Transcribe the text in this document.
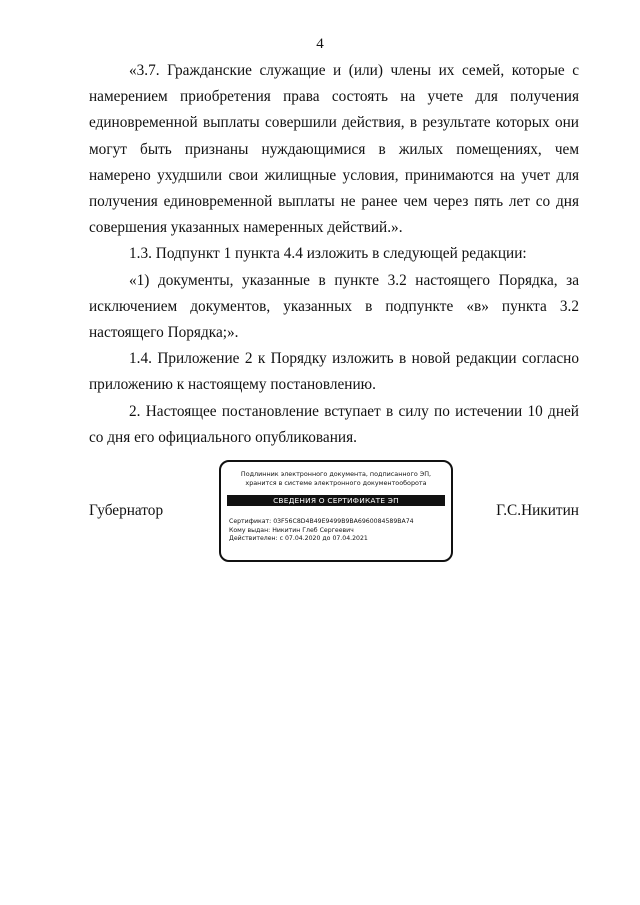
4

«3.7. Гражданские служащие и (или) члены их семей, которые с намерением приобретения права состоять на учете для получения единовременной выплаты совершили действия, в результате которых они могут быть признаны нуждающимися в жилых помещениях, чем намерено ухудшили свои жилищные условия, принимаются на учет для получения единовременной выплаты не ранее чем через пять лет со дня совершения указанных намеренных действий.».

1.3. Подпункт 1 пункта 4.4 изложить в следующей редакции:

«1) документы, указанные в пункте 3.2 настоящего Порядка, за исключением документов, указанных в подпункте «в» пункта 3.2 настоящего Порядка;».

1.4. Приложение 2 к Порядку изложить в новой редакции согласно приложению к настоящему постановлению.

2. Настоящее постановление вступает в силу по истечении 10 дней со дня его официального опубликования.

Губернатор
Подлинник электронного документа, подписанного ЭП,
хранится в системе электронного документооборота
СВЕДЕНИЯ О СЕРТИФИКАТЕ ЭП
Сертификат: 03F56C8D4B49E9499B9BA6960084589BA74
Кому выдан: Никитин Глеб Сергеевич
Действителен: с 07.04.2020 до 07.04.2021
Г.С.Никитин
